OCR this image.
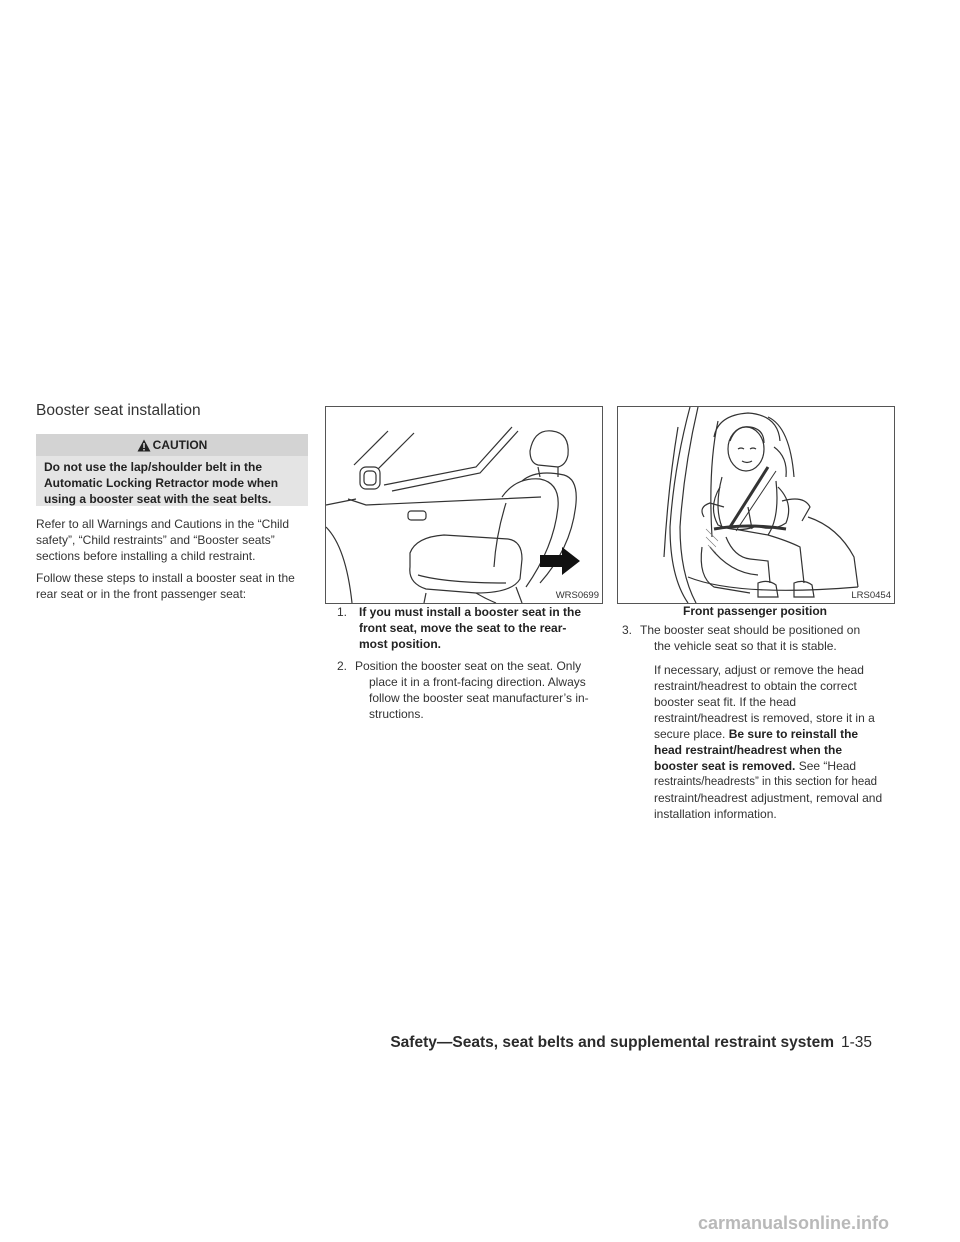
Booster seat installation
CAUTION
Do not use the lap/shoulder belt in the
Automatic Locking Retractor mode when
using a booster seat with the seat belts.
Refer to all Warnings and Cautions in the “Child
safety”, “Child restraints” and “Booster seats”
sections before installing a child restraint.
Follow these steps to install a booster seat in the
rear seat or in the front passenger seat:	WRS0699	LRS0454
Front passenger position
1. If you must install a booster seat in the
front seat, move the seat to the rear-
most position.
2. Position the booster seat on the seat. Only
place it in a front-facing direction. Always
follow the booster seat manufacturer’s in-
structions.
3. The booster seat should be positioned on
the vehicle seat so that it is stable.
If necessary, adjust or remove the head
restraint/headrest to obtain the correct
booster seat fit. If the head
restraint/headrest is removed, store it in a
secure place. Be sure to reinstall the
head restraint/headrest when the
booster seat is removed. See “Head
restraints/headrests” in this section for head
restraint/headrest adjustment, removal and
installation information.
Safety—Seats, seat belts and supplemental restraint system 1-35
carmanualsonline.info
